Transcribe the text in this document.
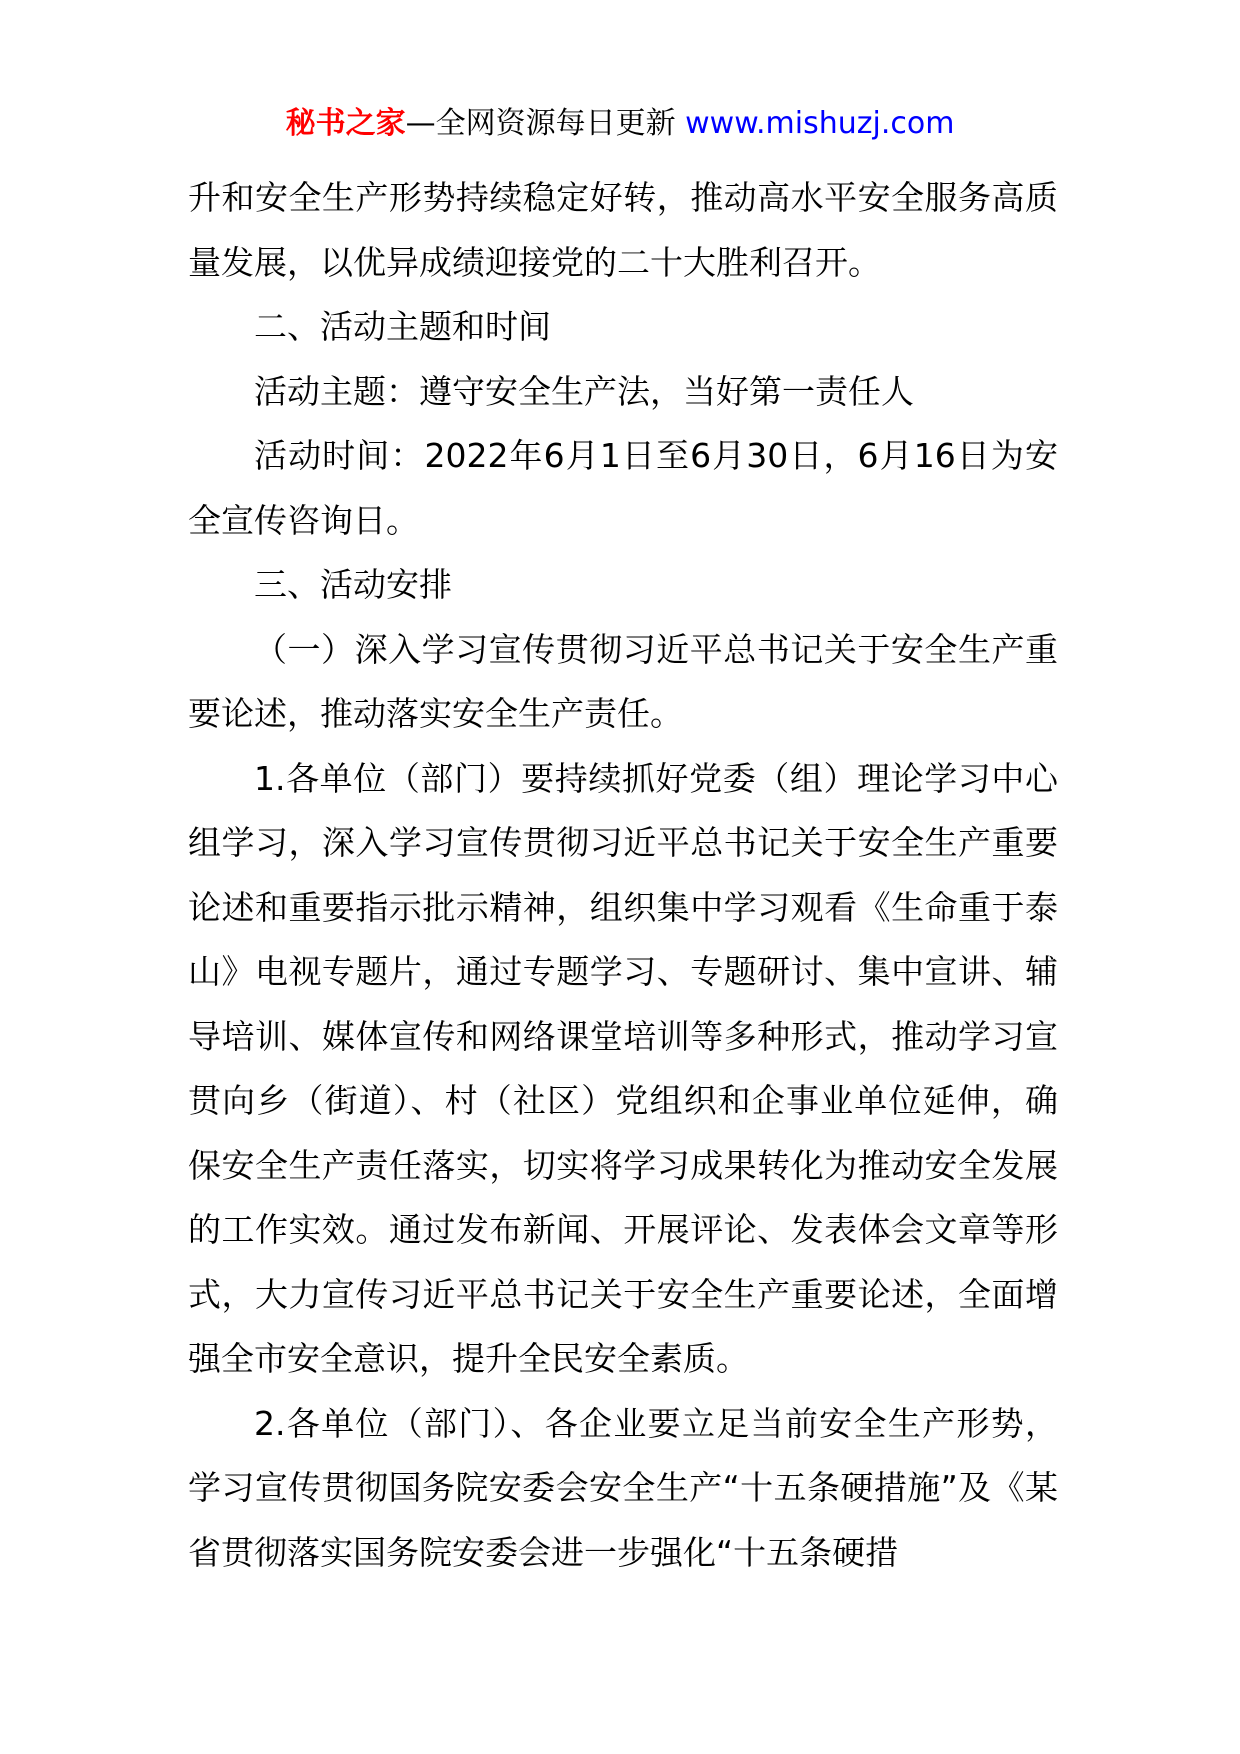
秘书之家—全网资源每日更新 www.mishuzj.com

升和安全生产形势持续稳定好转，推动高水平安全服务高质量发展，以优异成绩迎接党的二十大胜利召开。

二、活动主题和时间

活动主题：遵守安全生产法，当好第一责任人

活动时间：2022年6月1日至6月30日，6月16日为安全宣传咨询日。

三、活动安排

（一）深入学习宣传贯彻习近平总书记关于安全生产重要论述，推动落实安全生产责任。

1.各单位（部门）要持续抓好党委（组）理论学习中心组学习，深入学习宣传贯彻习近平总书记关于安全生产重要论述和重要指示批示精神，组织集中学习观看《生命重于泰山》电视专题片，通过专题学习、专题研讨、集中宣讲、辅导培训、媒体宣传和网络课堂培训等多种形式，推动学习宣贯向乡（街道）、村（社区）党组织和企事业单位延伸，确保安全生产责任落实，切实将学习成果转化为推动安全发展的工作实效。通过发布新闻、开展评论、发表体会文章等形式，大力宣传习近平总书记关于安全生产重要论述，全面增强全市安全意识，提升全民安全素质。

2.各单位（部门）、各企业要立足当前安全生产形势，学习宣传贯彻国务院安委会安全生产“十五条硬措施”及《某省贯彻落实国务院安委会进一步强化“十五条硬措
